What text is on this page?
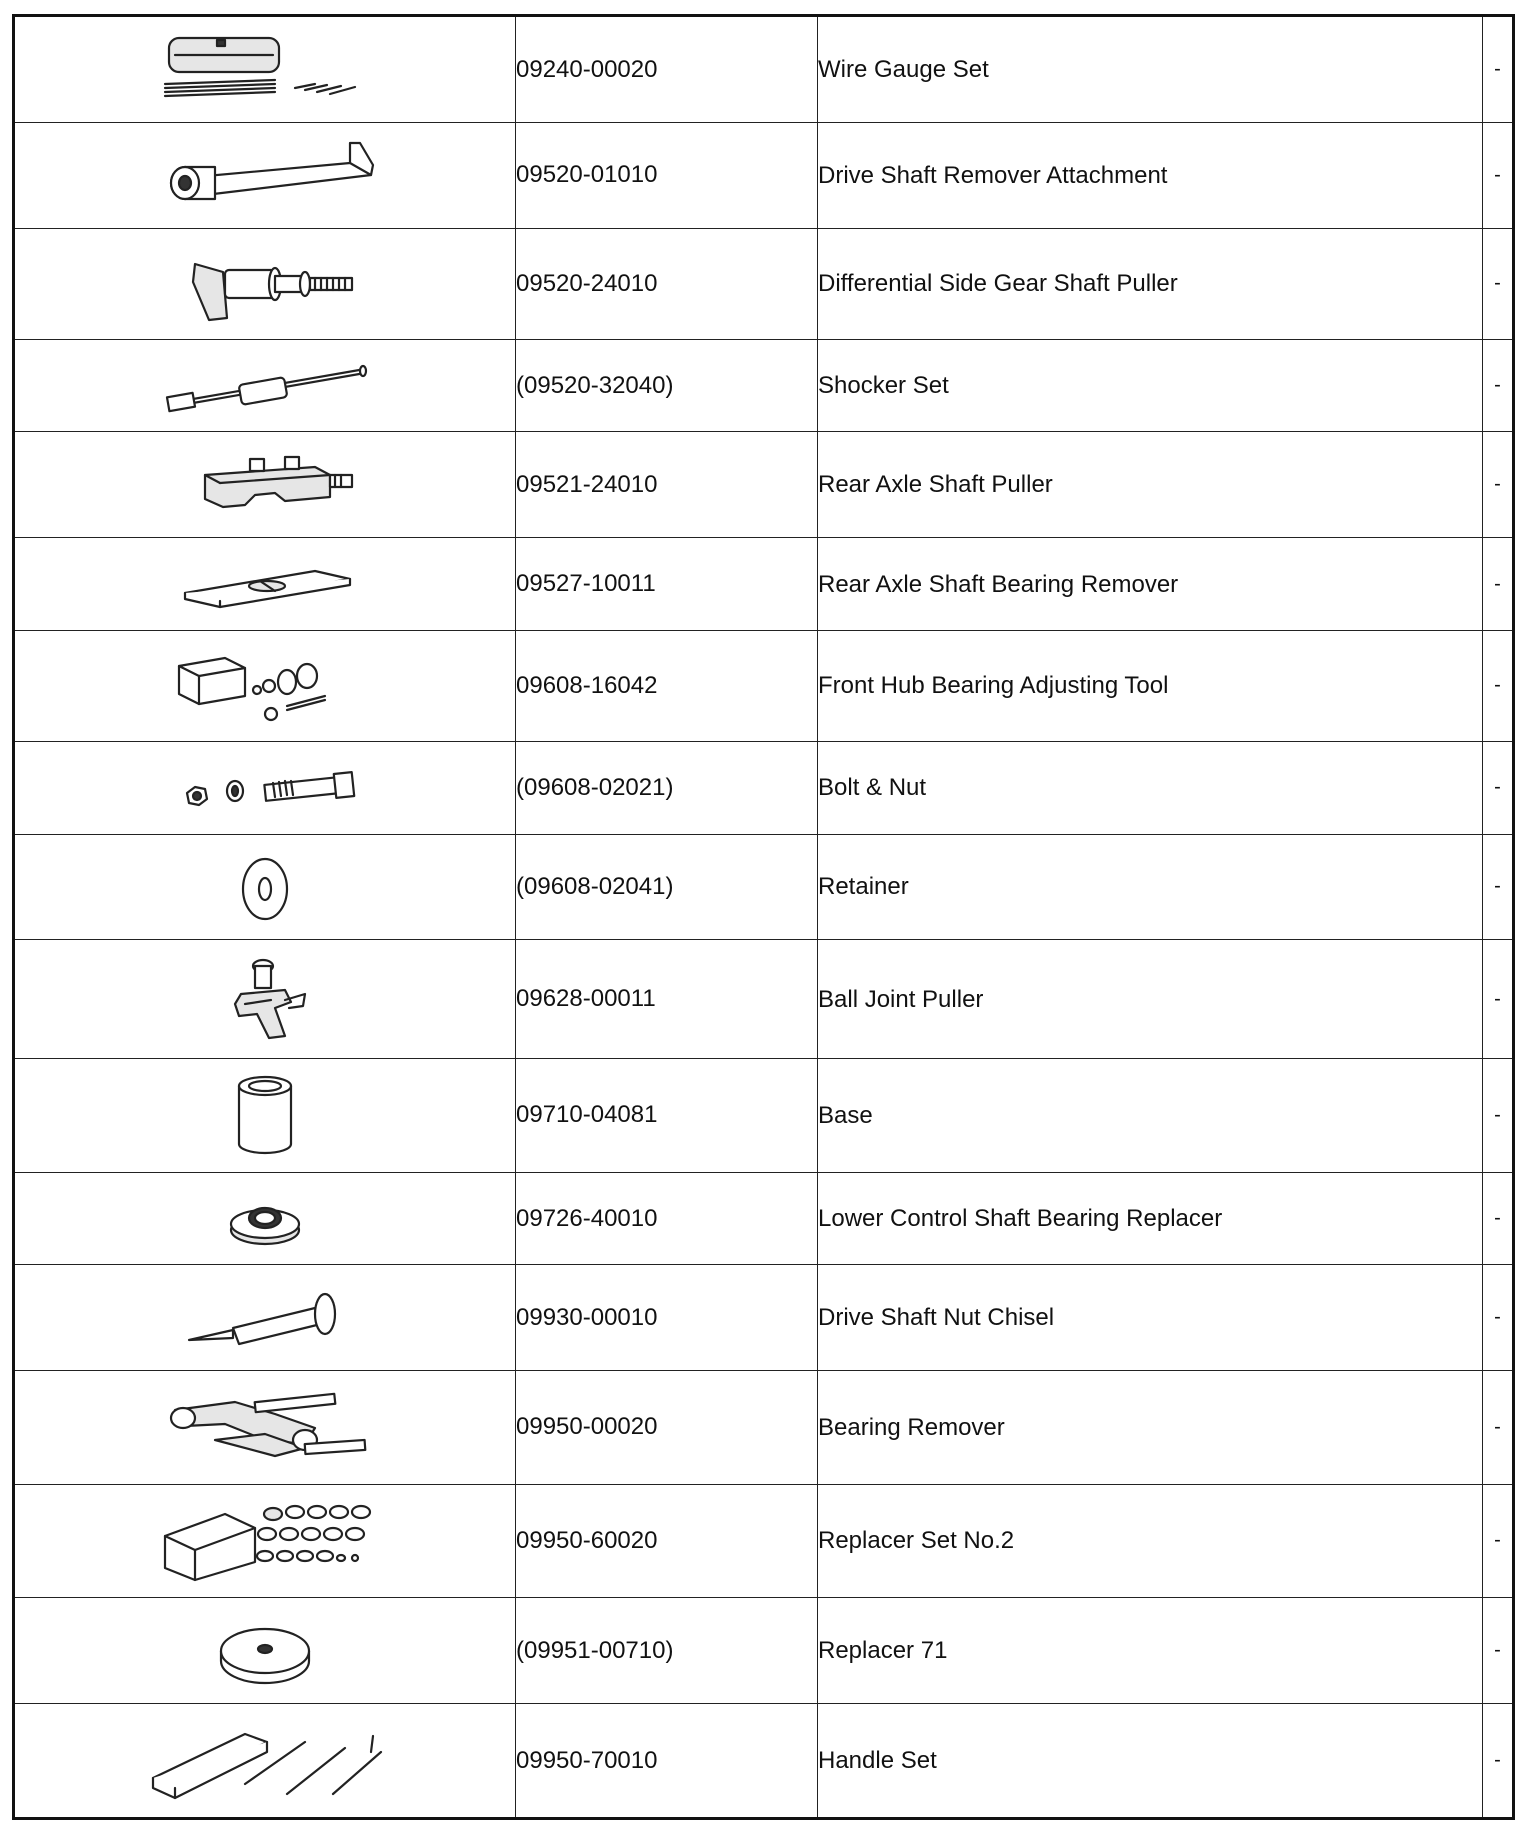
	09240-00020	Wire Gauge Set	-

	09520-01010	Drive Shaft Remover Attachment	-

	09520-24010	Differential Side Gear Shaft Puller	-

	(09520-32040)	Shocker Set	-

	09521-24010	Rear Axle Shaft Puller	-

	09527-10011	Rear Axle Shaft Bearing Remover	-

	09608-16042	Front Hub Bearing Adjusting Tool	-

	(09608-02021)	Bolt & Nut	-

	(09608-02041)	Retainer	-

	09628-00011	Ball Joint Puller	-

	09710-04081	Base	-

	09726-40010	Lower Control Shaft Bearing Replacer	-

	09930-00010	Drive Shaft Nut Chisel	-

	09950-00020	Bearing Remover	-

	09950-60020	Replacer Set No.2	-

	(09951-00710)	Replacer 71	-

	09950-70010	Handle Set	-
